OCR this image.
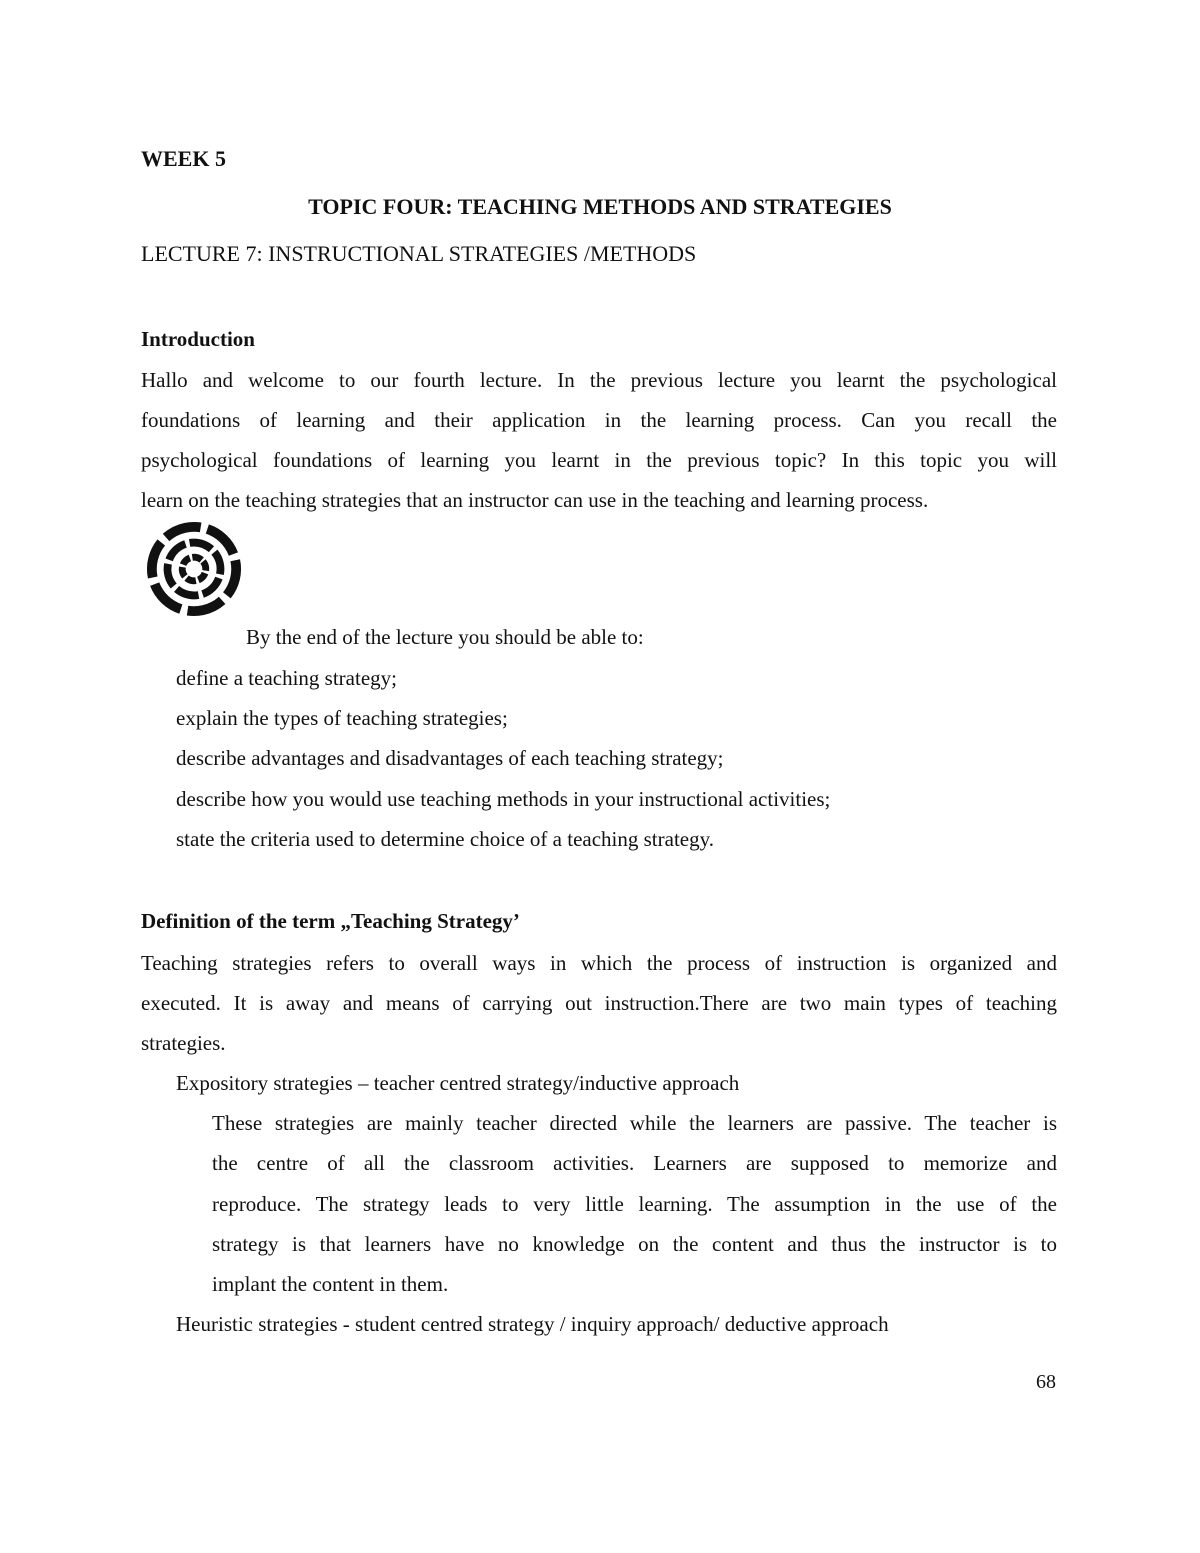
WEEK 5
TOPIC FOUR: TEACHING METHODS AND STRATEGIES
LECTURE 7: INSTRUCTIONAL STRATEGIES /METHODS
Introduction
Hallo and welcome to our fourth lecture. In the previous lecture you learnt the psychological
foundations of learning and their application in the learning process. Can you recall the
psychological foundations of learning you learnt in the previous topic? In this topic you will
learn on the teaching strategies that an instructor can use in the teaching and learning process.
By the end of the lecture you should be able to:
define a teaching strategy;
explain the types of teaching strategies;
describe advantages and disadvantages of each teaching strategy;
describe how you would use teaching methods in your instructional activities;
state the criteria used to determine choice of a teaching strategy.
Definition of the term „Teaching Strategy’
Teaching strategies refers to overall ways in which the process of instruction is organized and
executed. It is away and means of carrying out instruction.There are two main types of teaching
strategies.
Expository strategies – teacher centred strategy/inductive approach
These strategies are mainly teacher directed while the learners are passive. The teacher is
the centre of all the classroom activities. Learners are supposed to memorize and
reproduce. The strategy leads to very little learning. The assumption in the use of the
strategy is that learners have no knowledge on the content and thus the instructor is to
implant the content in them.
Heuristic strategies - student centred strategy / inquiry approach/ deductive approach
68
